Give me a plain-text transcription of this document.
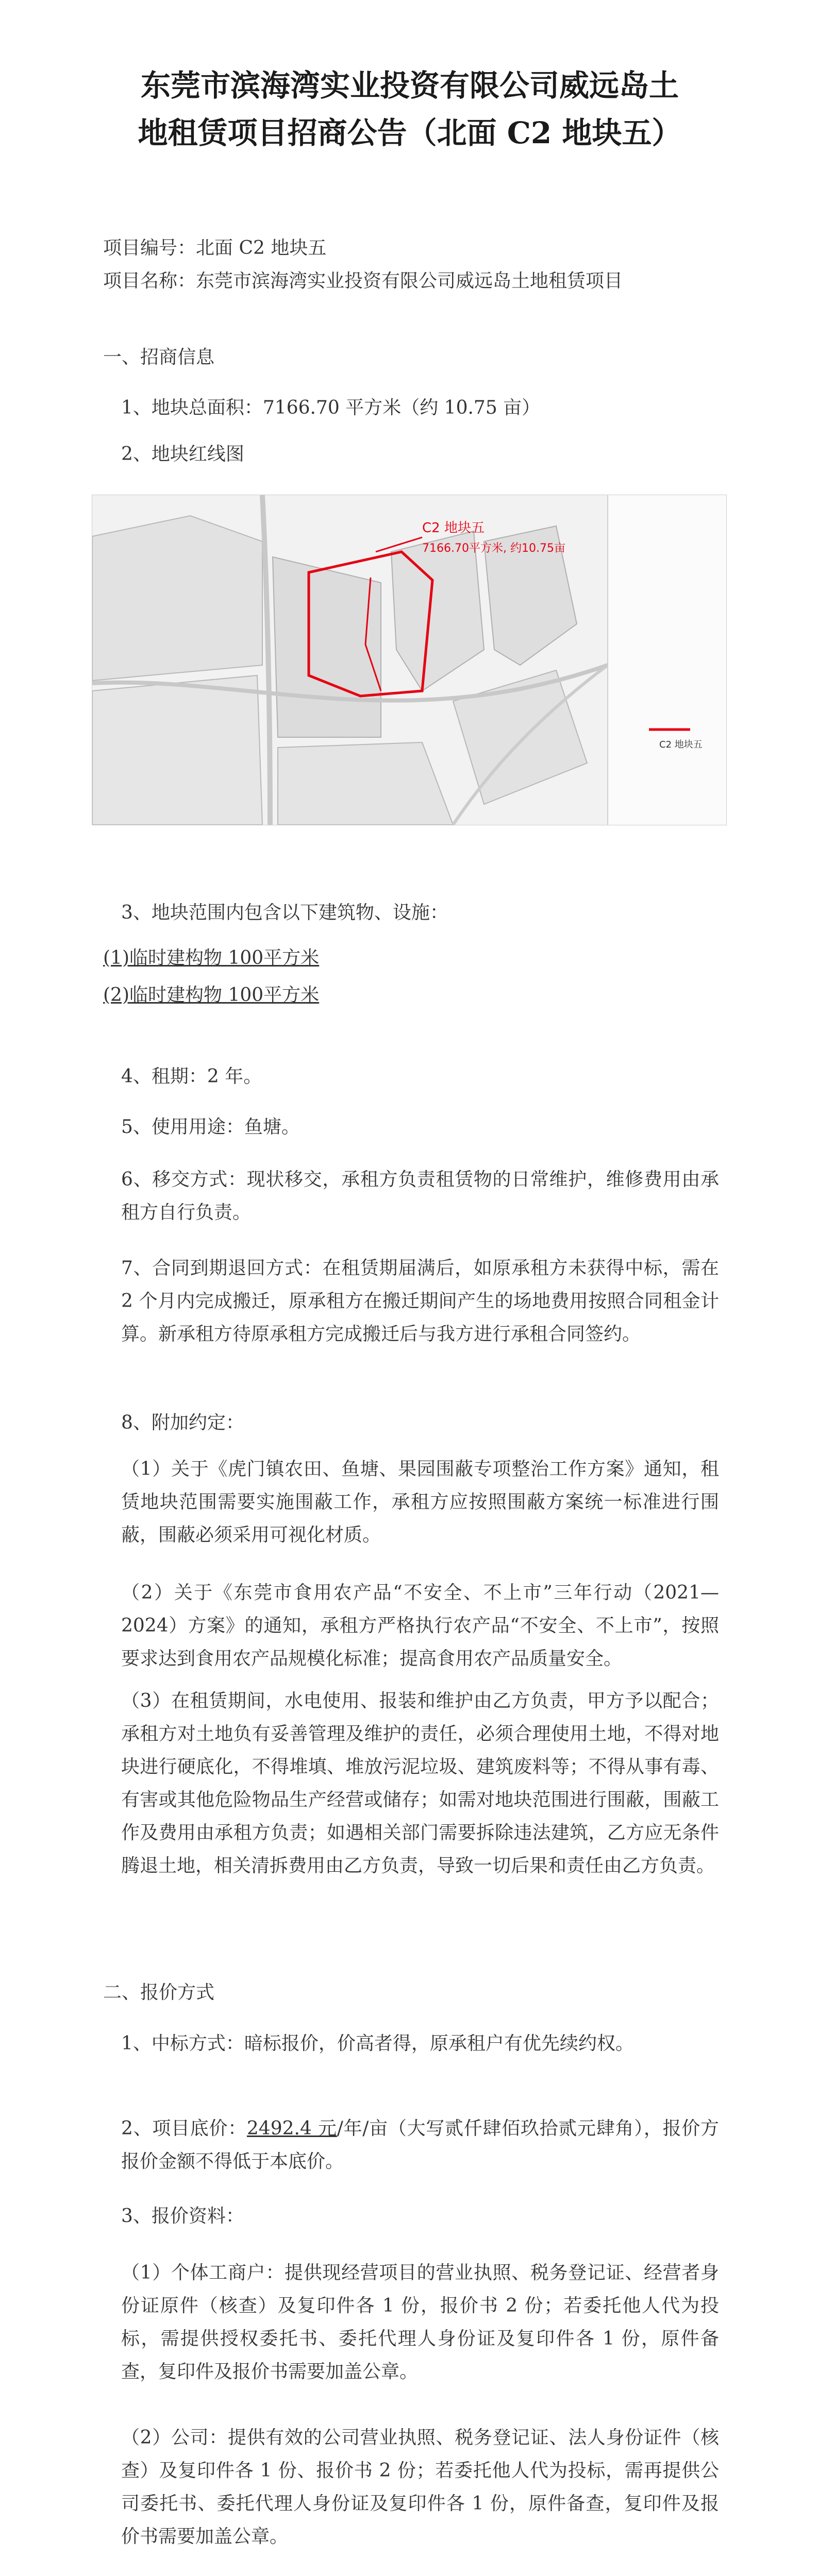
东莞市滨海湾实业投资有限公司威远岛土
地租赁项目招商公告（北面 C2 地块五）

项目编号：北面 C2 地块五

项目名称：东莞市滨海湾实业投资有限公司威远岛土地租赁项目

一、招商信息

1、地块总面积：7166.70 平方米（约 10.75 亩）

2、地块红线图

C2 地块五
7166.70平方米, 约10.75亩
C2 地块五

3、地块范围内包含以下建筑物、设施：

(1)临时建构物 100平方米

(2)临时建构物 100平方米

4、租期：2 年。

5、使用用途：鱼塘。

6、移交方式：现状移交，承租方负责租赁物的日常维护，维修费用由承租方自行负责。

7、合同到期退回方式：在租赁期届满后，如原承租方未获得中标，需在 2 个月内完成搬迁，原承租方在搬迁期间产生的场地费用按照合同租金计算。新承租方待原承租方完成搬迁后与我方进行承租合同签约。

8、附加约定：

（1）关于《虎门镇农田、鱼塘、果园围蔽专项整治工作方案》通知，租赁地块范围需要实施围蔽工作，承租方应按照围蔽方案统一标准进行围蔽，围蔽必须采用可视化材质。

（2）关于《东莞市食用农产品“不安全、不上市”三年行动（2021—2024）方案》的通知，承租方严格执行农产品“不安全、不上市”，按照要求达到食用农产品规模化标准；提高食用农产品质量安全。

（3）在租赁期间，水电使用、报装和维护由乙方负责，甲方予以配合；承租方对土地负有妥善管理及维护的责任，必须合理使用土地，不得对地块进行硬底化，不得堆填、堆放污泥垃圾、建筑废料等；不得从事有毒、有害或其他危险物品生产经营或储存；如需对地块范围进行围蔽，围蔽工作及费用由承租方负责；如遇相关部门需要拆除违法建筑，乙方应无条件腾退土地，相关清拆费用由乙方负责，导致一切后果和责任由乙方负责。

二、报价方式

1、中标方式：暗标报价，价高者得，原承租户有优先续约权。

2、项目底价：2492.4 元/年/亩（大写贰仟肆佰玖拾贰元肆角），报价方报价金额不得低于本底价。

3、报价资料：

（1）个体工商户：提供现经营项目的营业执照、税务登记证、经营者身份证原件（核查）及复印件各 1 份，报价书 2 份；若委托他人代为投标，需提供授权委托书、委托代理人身份证及复印件各 1 份，原件备查，复印件及报价书需要加盖公章。

（2）公司：提供有效的公司营业执照、税务登记证、法人身份证件（核查）及复印件各 1 份、报价书 2 份；若委托他人代为投标，需再提供公司委托书、委托代理人身份证及复印件各 1 份，原件备查，复印件及报价书需要加盖公章。
